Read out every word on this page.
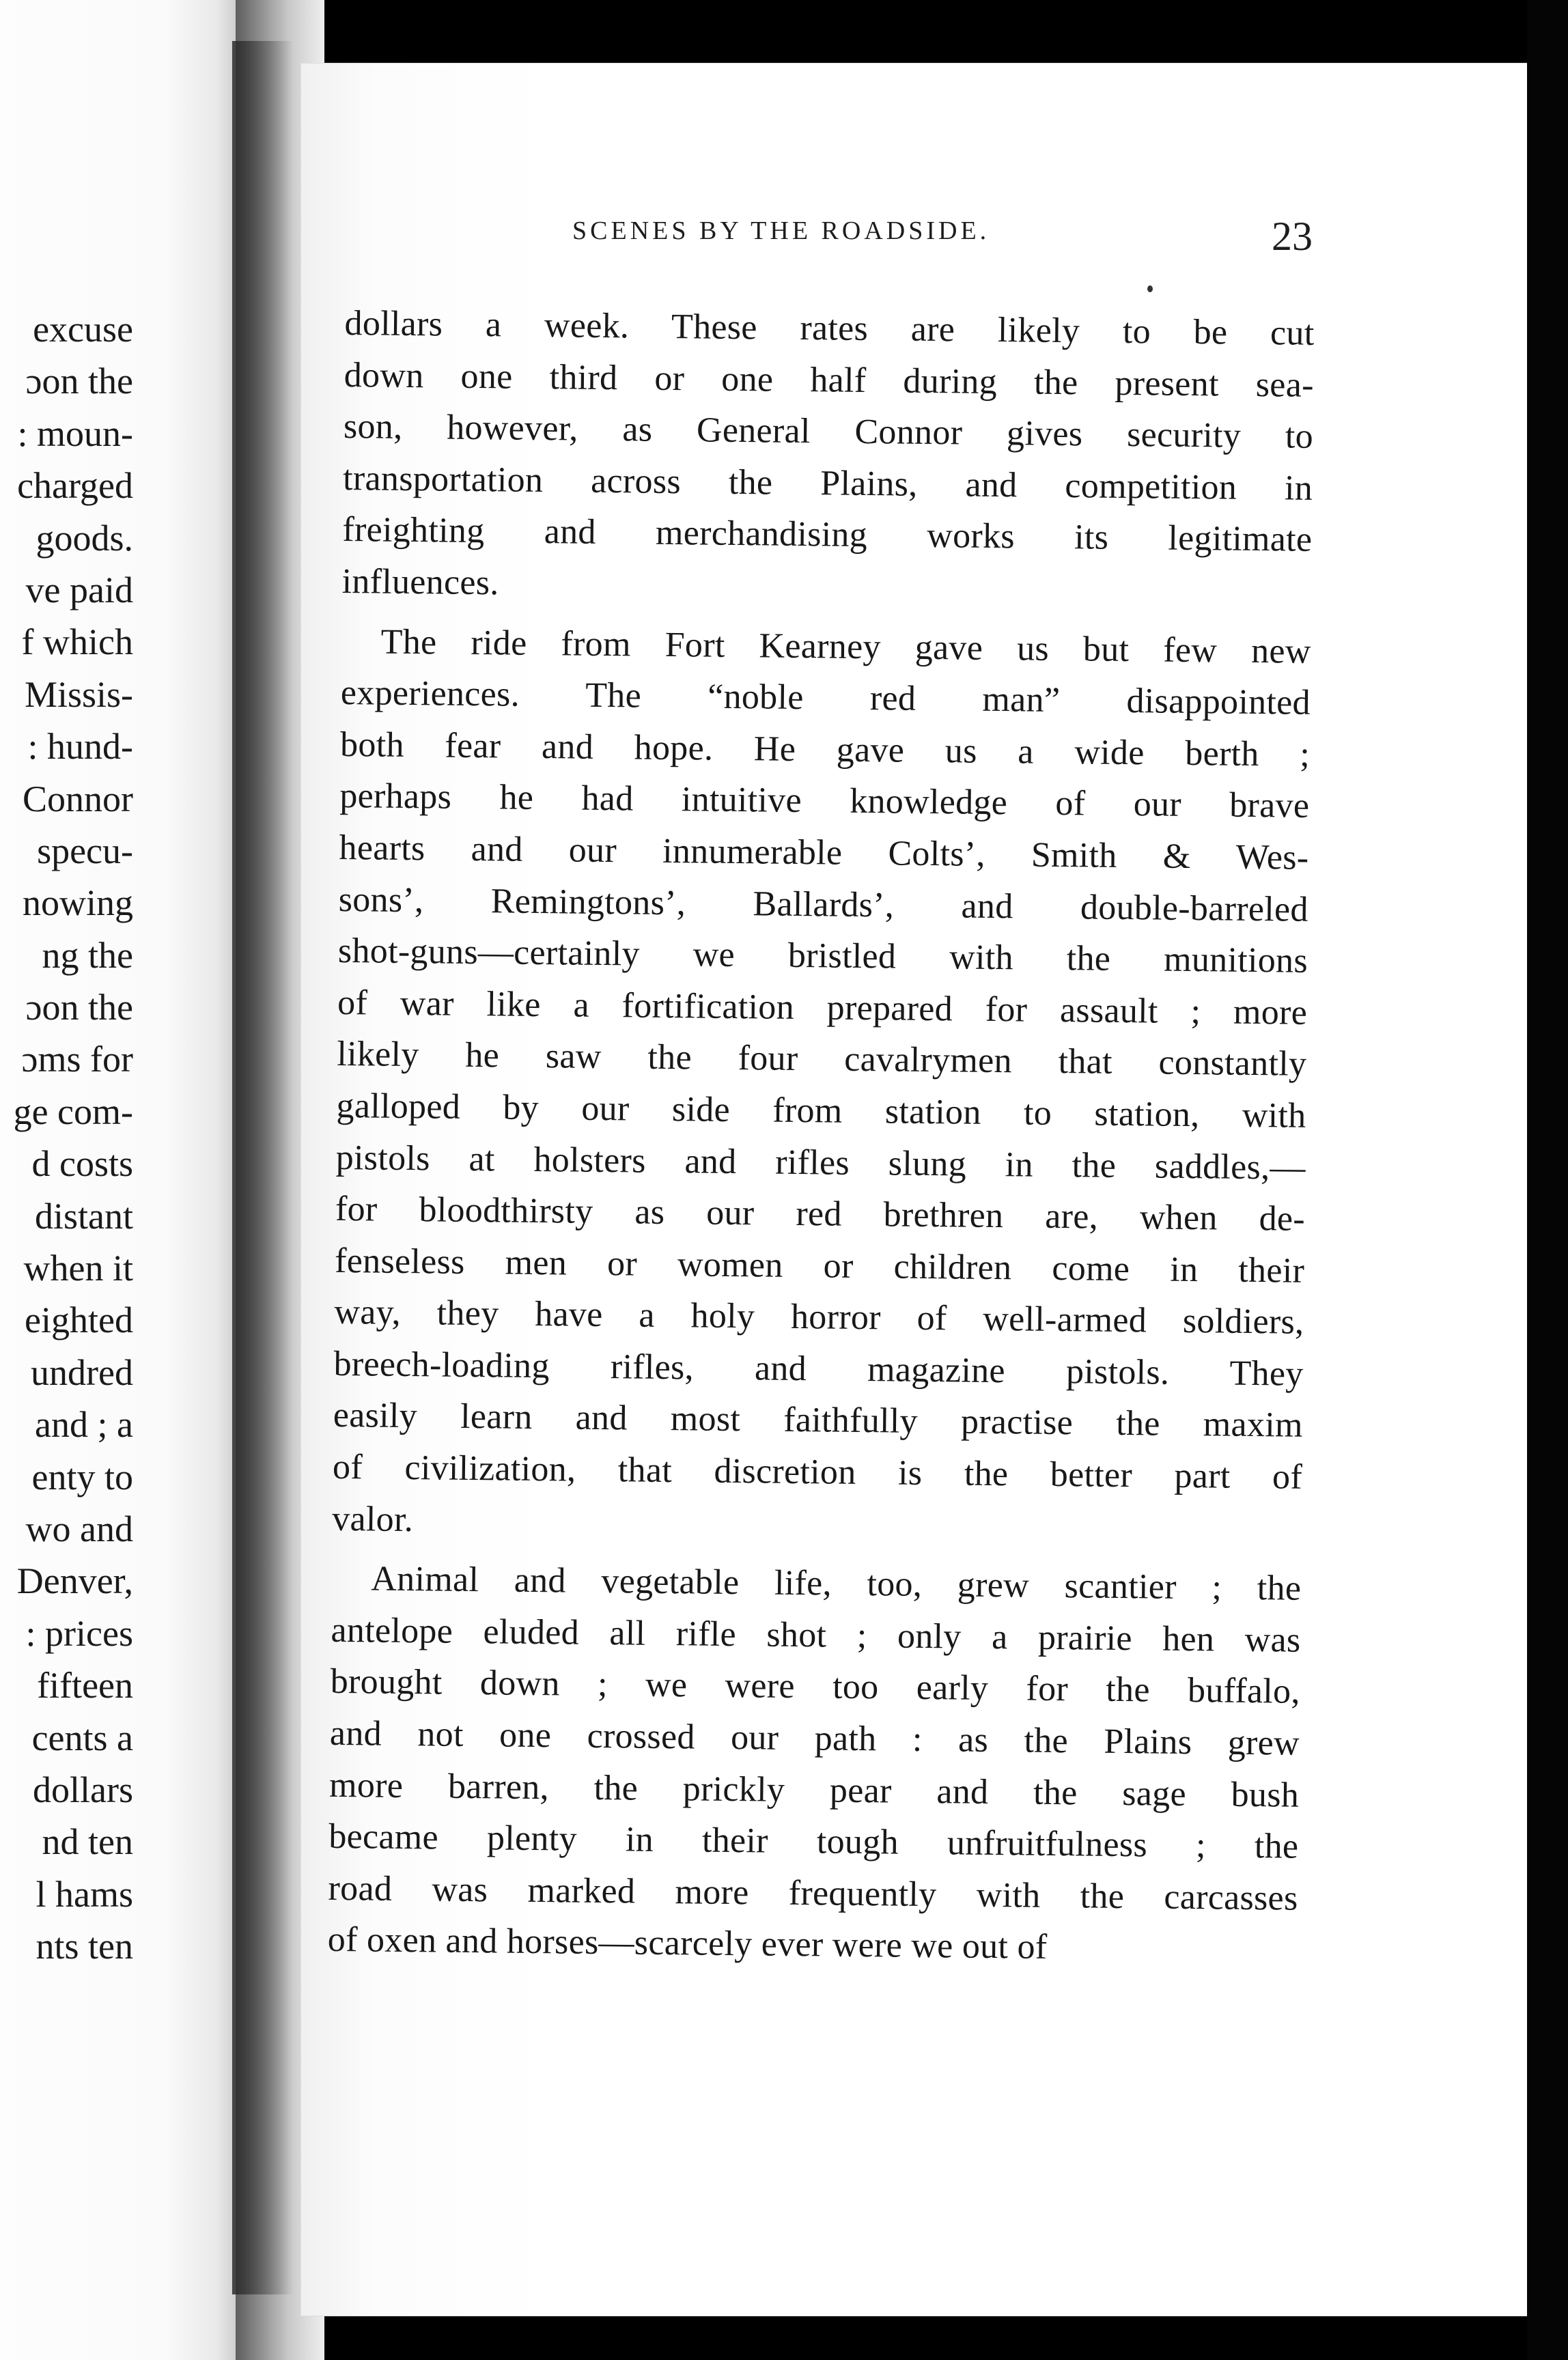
excuse
ɔon the
: moun-
charged
goods.
ve paid
f which
Missis-
: hund-
Connor
specu-
nowing
ng the
ɔon the
ɔms for
ge com-
d costs
distant
when it
eighted
undred
and ; a
enty to
wo and
Denver,
: prices
fifteen
cents a
dollars
nd ten
l hams
nts ten
SCENES BY THE ROADSIDE.	23
dollars a week. These rates are likely to be cut
down one third or one half during the present sea-
son, however, as General Connor gives security to
transportation across the Plains, and competition in
freighting and merchandising works its legitimate
influences.
The ride from Fort Kearney gave us but few new
experiences. The “noble red man” disappointed
both fear and hope. He gave us a wide berth ;
perhaps he had intuitive knowledge of our brave
hearts and our innumerable Colts’, Smith & Wes-
sons’, Remingtons’, Ballards’, and double-barreled
shot-guns—certainly we bristled with the munitions
of war like a fortification prepared for assault ; more
likely he saw the four cavalrymen that constantly
galloped by our side from station to station, with
pistols at holsters and rifles slung in the saddles,—
for bloodthirsty as our red brethren are, when de-
fenseless men or women or children come in their
way, they have a holy horror of well-armed soldiers,
breech-loading rifles, and magazine pistols. They
easily learn and most faithfully practise the maxim
of civilization, that discretion is the better part of
valor.
Animal and vegetable life, too, grew scantier ; the
antelope eluded all rifle shot ; only a prairie hen was
brought down ; we were too early for the buffalo,
and not one crossed our path : as the Plains grew
more barren, the prickly pear and the sage bush
became plenty in their tough unfruitfulness ; the
road was marked more frequently with the carcasses
of oxen and horses—scarcely ever were we out of
